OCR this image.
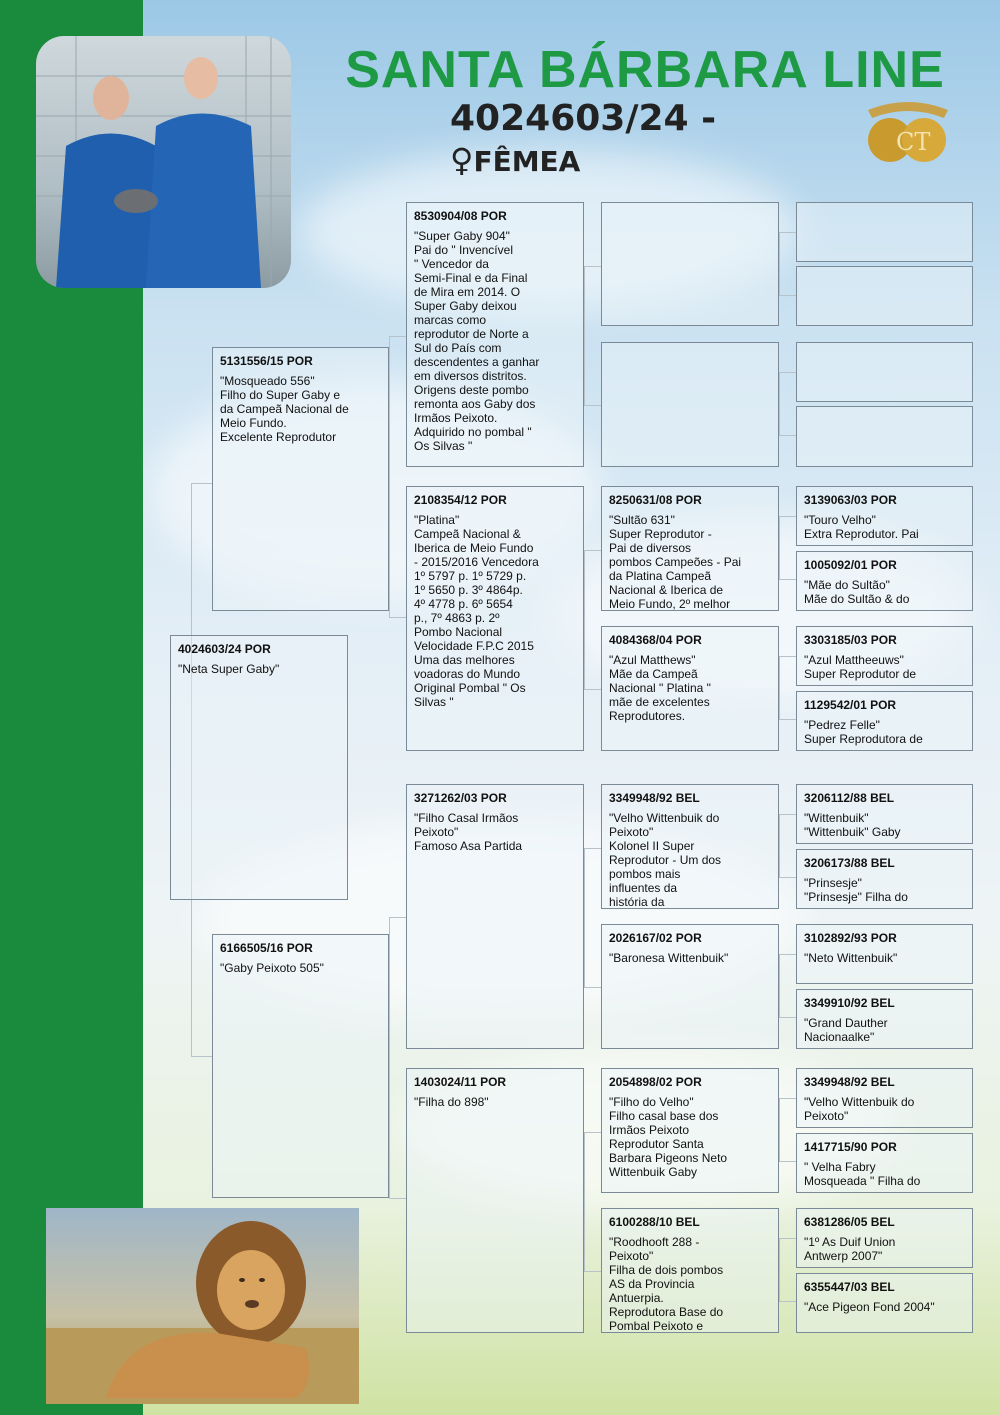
SANTA BÁRBARA LINE
4024603/24 - ♀FÊMEA
CT
4024603/24 POR
"Neta Super Gaby"
5131556/15 POR
"Mosqueado 556"
Filho do Super Gaby e
da Campeã Nacional de
Meio Fundo.
Excelente Reprodutor
6166505/16 POR
"Gaby Peixoto 505"
8530904/08 POR
"Super Gaby 904"
Pai do " Invencível
" Vencedor da
Semi-Final e da Final
de Mira em 2014. O
Super Gaby deixou
marcas como
reprodutor de Norte a
Sul do País com
descendentes a ganhar
em diversos distritos.
Origens deste pombo
remonta aos Gaby dos
Irmãos Peixoto.
Adquirido no pombal "
Os Silvas "
2108354/12 POR
"Platina"
Campeã Nacional &
Iberica de Meio Fundo
- 2015/2016 Vencedora
1º 5797 p. 1º 5729 p.
1º 5650 p. 3º 4864p.
4º 4778 p. 6º 5654
p., 7º 4863 p. 2º
Pombo Nacional
Velocidade F.P.C 2015
Uma das melhores
voadoras do Mundo
Original Pombal " Os
Silvas "
3271262/03 POR
"Filho Casal Irmãos
Peixoto"
Famoso Asa Partida
1403024/11 POR
"Filha do 898"
8250631/08 POR
"Sultão 631"
Super Reprodutor -
Pai de diversos
pombos Campeões - Pai
da Platina Campeã
Nacional & Iberica de
Meio Fundo, 2º melhor
4084368/04 POR
"Azul Matthews"
Mãe da Campeã
Nacional " Platina "
mãe de excelentes
Reprodutores.
3349948/92 BEL
"Velho Wittenbuik do
Peixoto"
Kolonel II Super
Reprodutor - Um dos
pombos mais
influentes da
história da
2026167/02 POR
"Baronesa Wittenbuik"
2054898/02 POR
"Filho do Velho"
Filho casal base dos
Irmãos Peixoto
Reprodutor Santa
Barbara Pigeons Neto
Wittenbuik Gaby
6100288/10 BEL
"Roodhooft 288 -
Peixoto"
Filha de dois pombos
AS da Provincia
Antuerpia.
Reprodutora Base do
Pombal Peixoto e
3139063/03 POR
"Touro Velho"
Extra Reprodutor. Pai
1005092/01 POR
"Mãe do Sultão"
Mãe do Sultão & do
3303185/03 POR
"Azul Mattheeuws"
Super Reprodutor de
1129542/01 POR
"Pedrez Felle"
Super Reprodutora de
3206112/88 BEL
"Wittenbuik"
"Wittenbuik" Gaby
3206173/88 BEL
"Prinsesje"
"Prinsesje" Filha do
3102892/93 POR
"Neto Wittenbuik"
3349910/92 BEL
"Grand Dauther
Nacionaalke"
3349948/92 BEL
"Velho Wittenbuik do
Peixoto"
1417715/90 POR
" Velha Fabry
Mosqueada " Filha do
6381286/05 BEL
"1º As Duif Union
Antwerp 2007"
6355447/03 BEL
"Ace Pigeon Fond 2004"
